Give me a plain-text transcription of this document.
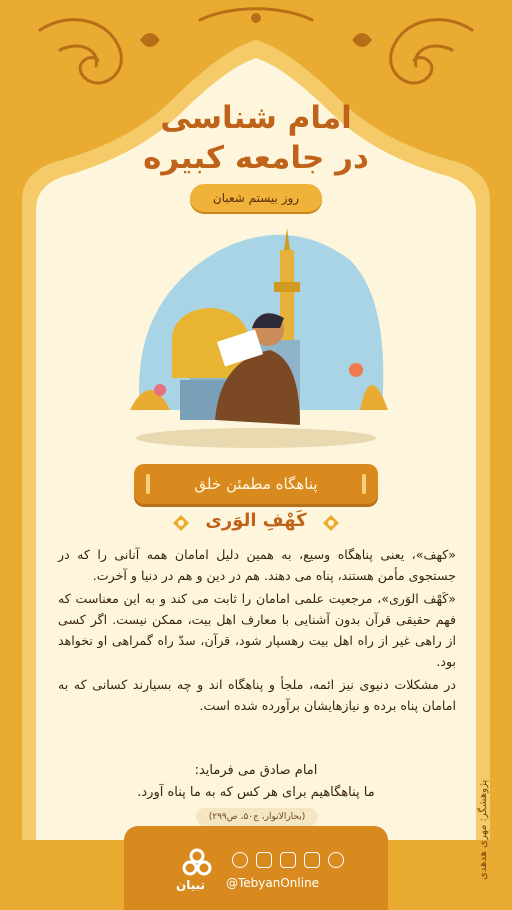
امام شناسی
در جامعه کبیره
روز بیستم شعبان
پناهگاه مطمئن خلق
کَهْفِ الوَری

«کهف»، یعنی پناهگاه وسیع، به همین دلیل امامان همه آنانی را که در جستجوی مأمن هستند، پناه می دهند. هم در دین و هم در دنیا و آخرت.

«کَهْف الوَری»، مرجعیت علمی امامان را ثابت می کند و به این معناست که فهم حقیقی قرآن بدون آشنایی با معارف اهل بیت، ممکن نیست. اگر کسی از راهی غیر از راه اهل بیت رهسپار شود، قرآن، سدّ راه گمراهی او نخواهد بود.

در مشکلات دنیوی نیز ائمه، ملجأ و پناهگاه اند و چه بسیارند کسانی که به امامان پناه برده و نیازهایشان برآورده شده است.

امام صادق می فرماید:

ما پناهگاهیم برای هر کس که به ما پناه آورد.

(بحارالانوار، ج۵۰، ص۲۹۹)
تبیان @TebyanOnline
پژوهشگر: مهری هدهدی
